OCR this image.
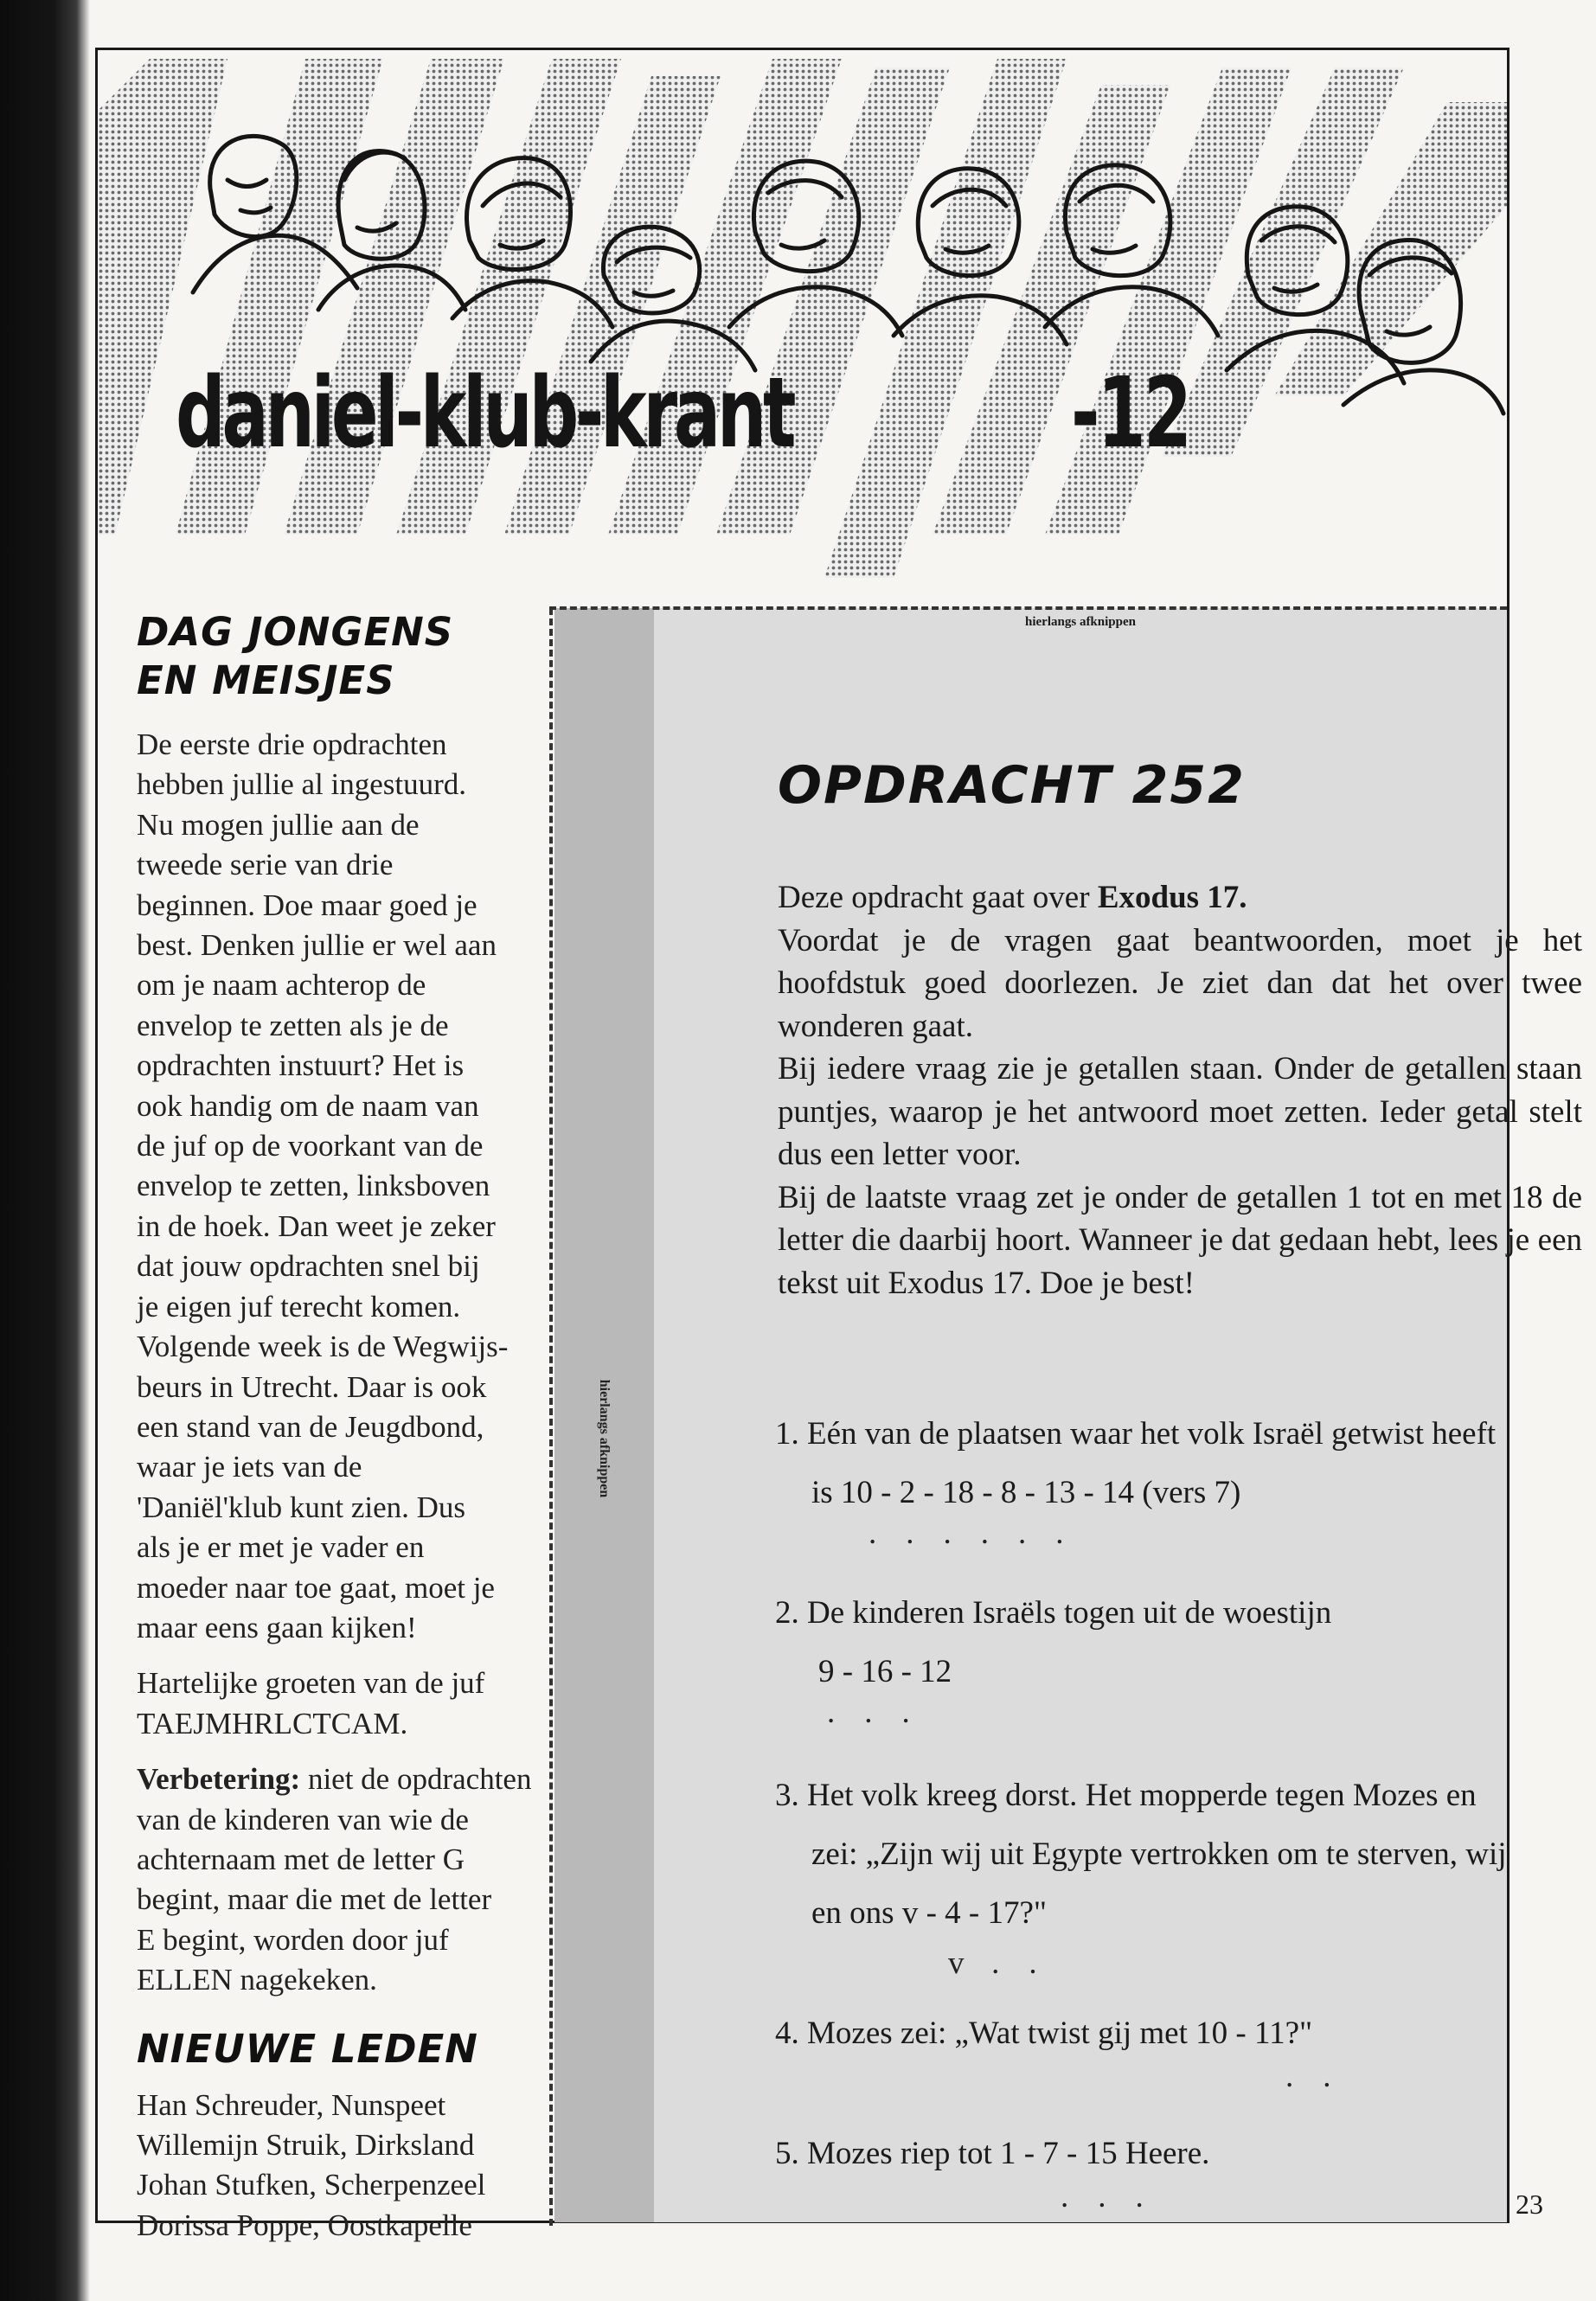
daniel-klub-krant	-12
DAG JONGENS
EN MEISJES

De eerste drie opdrachten

hebben jullie al ingestuurd.

Nu mogen jullie aan de

tweede serie van drie

beginnen. Doe maar goed je

best. Denken jullie er wel aan

om je naam achterop de

envelop te zetten als je de

opdrachten instuurt? Het is

ook handig om de naam van

de juf op de voorkant van de

envelop te zetten, linksboven

in de hoek. Dan weet je zeker

dat jouw opdrachten snel bij

je eigen juf terecht komen.

Volgende week is de Wegwijs-

beurs in Utrecht. Daar is ook

een stand van de Jeugdbond,

waar je iets van de

'Daniël'klub kunt zien. Dus

als je er met je vader en

moeder naar toe gaat, moet je

maar eens gaan kijken!

Hartelijke groeten van de juf

TAEJMHRLCTCAM.

Verbetering: niet de opdrachten

van de kinderen van wie de

achternaam met de letter G

begint, maar die met de letter

E begint, worden door juf

ELLEN nagekeken.

NIEUWE LEDEN

Han Schreuder, Nunspeet

Willemijn Struik, Dirksland

Johan Stufken, Scherpenzeel

Dorissa Poppe, Oostkapelle

hierlangs afknippen
hierlangs afknippen
OPDRACHT 252

Deze opdracht gaat over Exodus 17.

Voordat je de vragen gaat beantwoorden, moet je het hoofdstuk goed doorlezen. Je ziet dan dat het over twee wonderen gaat.

Bij iedere vraag zie je getallen staan. Onder de getallen staan puntjes, waarop je het antwoord moet zetten. Ieder getal stelt dus een letter voor.

Bij de laatste vraag zet je onder de getallen 1 tot en met 18 de letter die daarbij hoort. Wanneer je dat gedaan hebt, lees je een tekst uit Exodus 17. Doe je best!

1. Eén van de plaatsen waar het volk Israël getwist heeft
is 10 - 2 - 18 - 8 - 13 - 14 (vers 7)
......
2. De kinderen Israëls togen uit de woestijn
9 - 16 - 12
...
3. Het volk kreeg dorst. Het mopperde tegen Mozes en
zei: „Zijn wij uit Egypte vertrokken om te sterven, wij
en ons v - 4 - 17?"
v..
4. Mozes zei: „Wat twist gij met 10 - 11?"
..
5. Mozes riep tot 1 - 7 - 15 Heere.
...	23
